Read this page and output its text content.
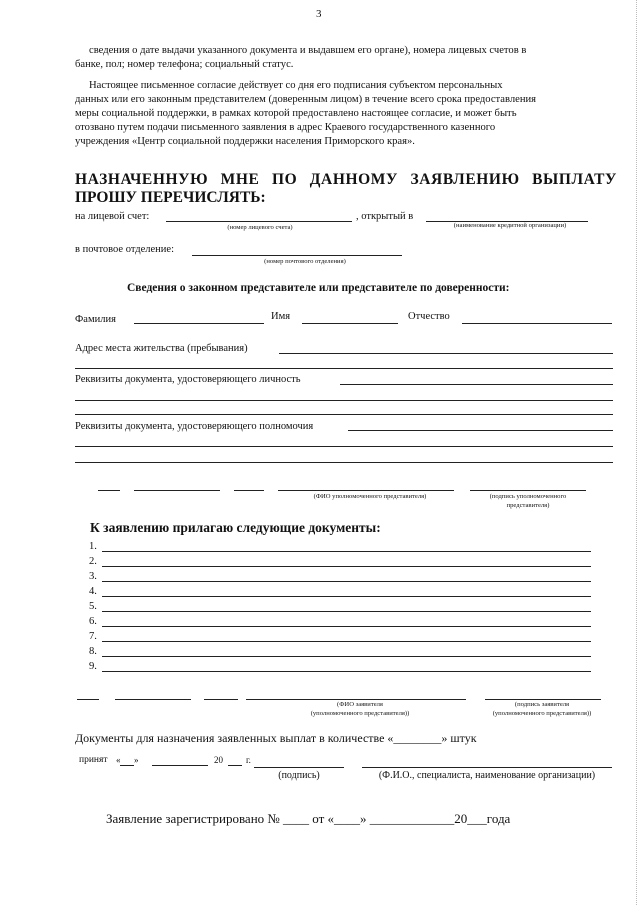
3
сведения о дате выдачи указанного документа и выдавшем его органе), номера лицевых счетов в
банке, пол; номер телефона; социальный статус.
Настоящее письменное согласие действует со дня его подписания субъектом персональных
данных или его законным представителем (доверенным лицом) в течение всего срока предоставления
меры социальной поддержки, в рамках которой предоставлено настоящее согласие, и может быть
отозвано путем подачи письменного заявления в адрес Краевого государственного казенного
учреждения «Центр социальной поддержки населения Приморского края».
НАЗНАЧЕННУЮ МНЕ ПО ДАННОМУ ЗАЯВЛЕНИЮ ВЫПЛАТУ
ПРОШУ ПЕРЕЧИСЛЯТЬ:
на лицевой счет:
(номер лицевого счета)
, открытый в
(наименование кредитной организации)
в почтовое отделение:
(номер почтового отделения)
Сведения о законном представителе или представителе по доверенности:
Фамилия	Имя	Отчество
Адрес места жительства (пребывания)
Реквизиты документа, удостоверяющего личность
Реквизиты документа, удостоверяющего полномочия
(ФИО уполномоченного представителя)	(подпись уполномоченного
представителя)
К заявлению прилагаю следующие документы:
1.
2.
3.
4.
5.
6.
7.
8.
9.
(ФИО заявителя
(уполномоченного представителя))
(подпись заявителя
(уполномоченного представителя))
Документы для назначения заявленных выплат в количестве «________» штук
принят « »	20	г.
(подпись)	(Ф.И.О., специалиста, наименование организации)
Заявление зарегистрировано № ____ от «____» _____________20___года
